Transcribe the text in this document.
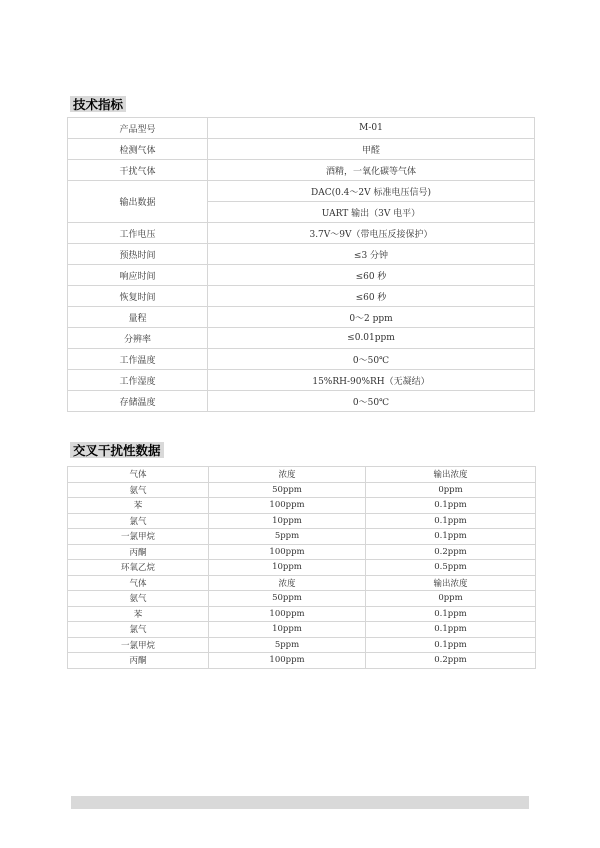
技术指标
产品型号	M-01
检测气体	甲醛
干扰气体	酒精，一氧化碳等气体
输出数据	DAC(0.4～2V 标准电压信号)
	UART 输出（3V 电平）
工作电压	3.7V～9V（带电压反接保护）
预热时间	≤3 分钟
响应时间	≤60 秒
恢复时间	≤60 秒
量程	0～2 ppm
分辨率	≤0.01ppm
工作温度	0～50℃
工作湿度	15%RH-90%RH（无凝结）
存储温度	0～50℃
交叉干扰性数据
气体	浓度	输出浓度
氨气	50ppm	0ppm
苯	100ppm	0.1ppm
氯气	10ppm	0.1ppm
一氯甲烷	5ppm	0.1ppm
丙酮	100ppm	0.2ppm
环氧乙烷	10ppm	0.5ppm
气体	浓度	输出浓度
氨气	50ppm	0ppm
苯	100ppm	0.1ppm
氯气	10ppm	0.1ppm
一氯甲烷	5ppm	0.1ppm
丙酮	100ppm	0.2ppm
